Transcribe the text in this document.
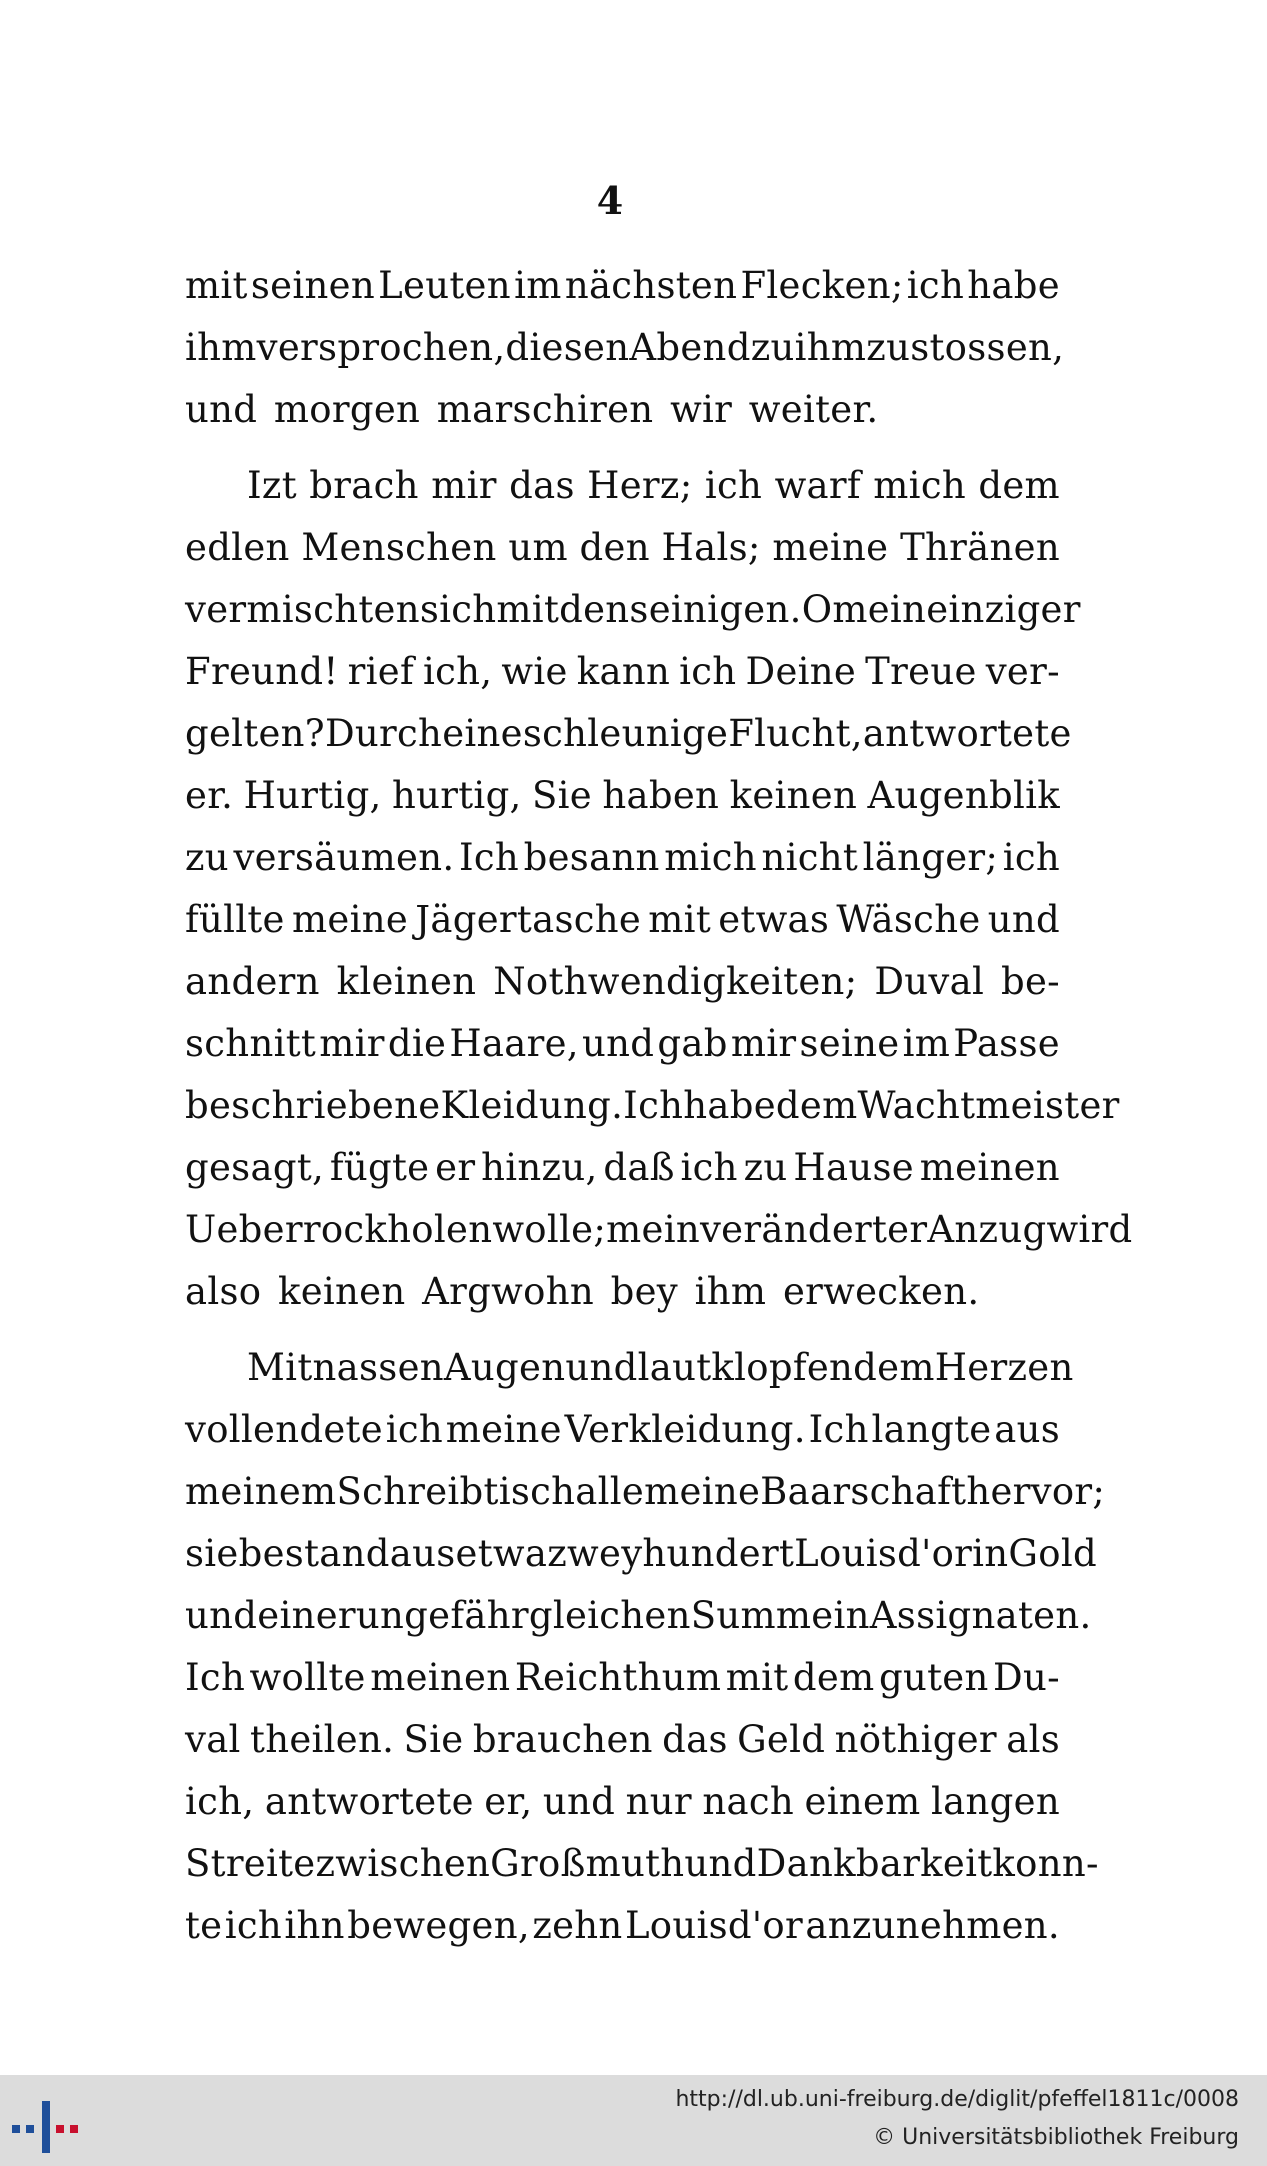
4
mit seinen Leuten im nächsten Flecken; ich habe
ihm versprochen, diesen Abend zu ihm zu stossen,
und morgen marschiren wir weiter.
Izt brach mir das Herz; ich warf mich dem
edlen Menschen um den Hals; meine Thränen
vermischten sich mit den seinigen. O mein einziger
Freund! rief ich, wie kann ich Deine Treue ver-
gelten? Durch eine schleunige Flucht, antwortete
er. Hurtig, hurtig, Sie haben keinen Augenblik
zu versäumen. Ich besann mich nicht länger; ich
füllte meine Jägertasche mit etwas Wäsche und
andern kleinen Nothwendigkeiten; Duval be-
schnitt mir die Haare, und gab mir seine im Passe
beschriebene Kleidung. Ich habe dem Wachtmeister
gesagt, fügte er hinzu, daß ich zu Hause meinen
Ueberrock holen wolle; mein veränderter Anzug wird
also keinen Argwohn bey ihm erwecken.
Mit nassen Augen und laut klopfendem Herzen
vollendete ich meine Verkleidung. Ich langte aus
meinem Schreibtisch alle meine Baarschaft hervor;
sie bestand aus etwa zweyhundert Louisd'or in Gold
und einer ungefähr gleichen Summe in Assignaten.
Ich wollte meinen Reichthum mit dem guten Du-
val theilen. Sie brauchen das Geld nöthiger als
ich, antwortete er, und nur nach einem langen
Streite zwischen Großmuth und Dankbarkeit konn-
te ich ihn bewegen, zehn Louisd'or anzunehmen.
http://dl.ub.uni-freiburg.de/diglit/pfeffel1811c/0008
© Universitätsbibliothek Freiburg
